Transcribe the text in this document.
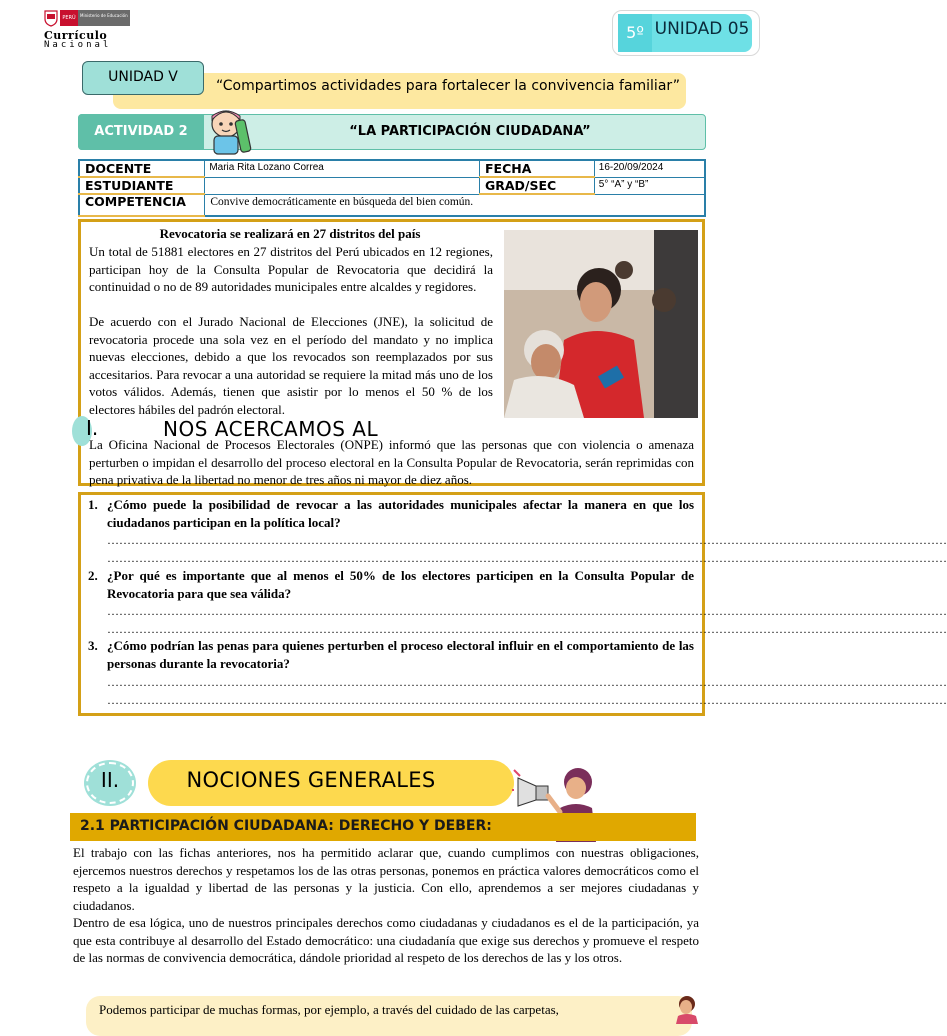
PERÚ	Ministerio de Educación
Currículo
Nacional
5º UNIDAD 05
UNIDAD V
“Compartimos actividades para fortalecer la convivencia familiar”
ACTIVIDAD 2	“LA PARTICIPACIÓN CIUDADANA”
DOCENTE	Maria Rita Lozano Correa	FECHA	16-20/09/2024
ESTUDIANTE		GRAD/SEC	5° “A” y “B”
COMPETENCIA	Convive democráticamente en búsqueda del bien común.		
Revocatoria se realizará en 27 distritos del país
Un total de 51881 electores en 27 distritos del Perú ubicados en 12 regiones, participan hoy de la Consulta Popular de Revocatoria que decidirá la continuidad o no de 89 autoridades municipales entre alcaldes y regidores.
De acuerdo con el Jurado Nacional de Elecciones (JNE), la solicitud de revocatoria procede una sola vez en el período del mandato y no implica nuevas elecciones, debido a que los revocados son reemplazados por sus accesitarios. Para revocar a una autoridad se requiere la mitad más uno de los votos válidos. Además, tienen que asistir por lo menos el 50 % de los electores hábiles del padrón electoral.
La Oficina Nacional de Procesos Electorales (ONPE) informó que las personas que con violencia o amenaza perturben o impidan el desarrollo del proceso electoral en la Consulta Popular de Revocatoria, serán reprimidas con pena privativa de la libertad no menor de tres años ni mayor de diez años.
I.	NOS ACERCAMOS AL
1. ¿Cómo puede la posibilidad de revocar a las autoridades municipales afectar la manera en que los ciudadanos participan en la política local?
…………………………………………………………………………………………………………………………………………………………………………………………
…………………………………………………………………………………………………………………………………………………………………………………………
2. ¿Por qué es importante que al menos el 50% de los electores participen en la Consulta Popular de Revocatoria para que sea válida?
…………………………………………………………………………………………………………………………………………………………………………………………
…………………………………………………………………………………………………………………………………………………………………………………………
3. ¿Cómo podrían las penas para quienes perturben el proceso electoral influir en el comportamiento de las personas durante la revocatoria?
…………………………………………………………………………………………………………………………………………………………………………………………
…………………………………………………………………………………………………………………………………………………………………………………………
II.	NOCIONES GENERALES
2.1 PARTICIPACIÓN CIUDADANA: DERECHO Y DEBER:
El trabajo con las fichas anteriores, nos ha permitido aclarar que, cuando cumplimos con nuestras obligaciones, ejercemos nuestros derechos y respetamos los de las otras personas, ponemos en práctica valores democráticos como el respeto a la igualdad y libertad de las personas y la justicia. Con ello, aprendemos a ser mejores ciudadanas y ciudadanos.
Dentro de esa lógica, uno de nuestros principales derechos como ciudadanas y ciudadanos es el de la participación, ya que esta contribuye al desarrollo del Estado democrático: una ciudadanía que exige sus derechos y promueve el respeto de las normas de convivencia democrática, dándole prioridad al respeto de los derechos de las y los otros.
Podemos participar de muchas formas, por ejemplo, a través del cuidado de las carpetas,
